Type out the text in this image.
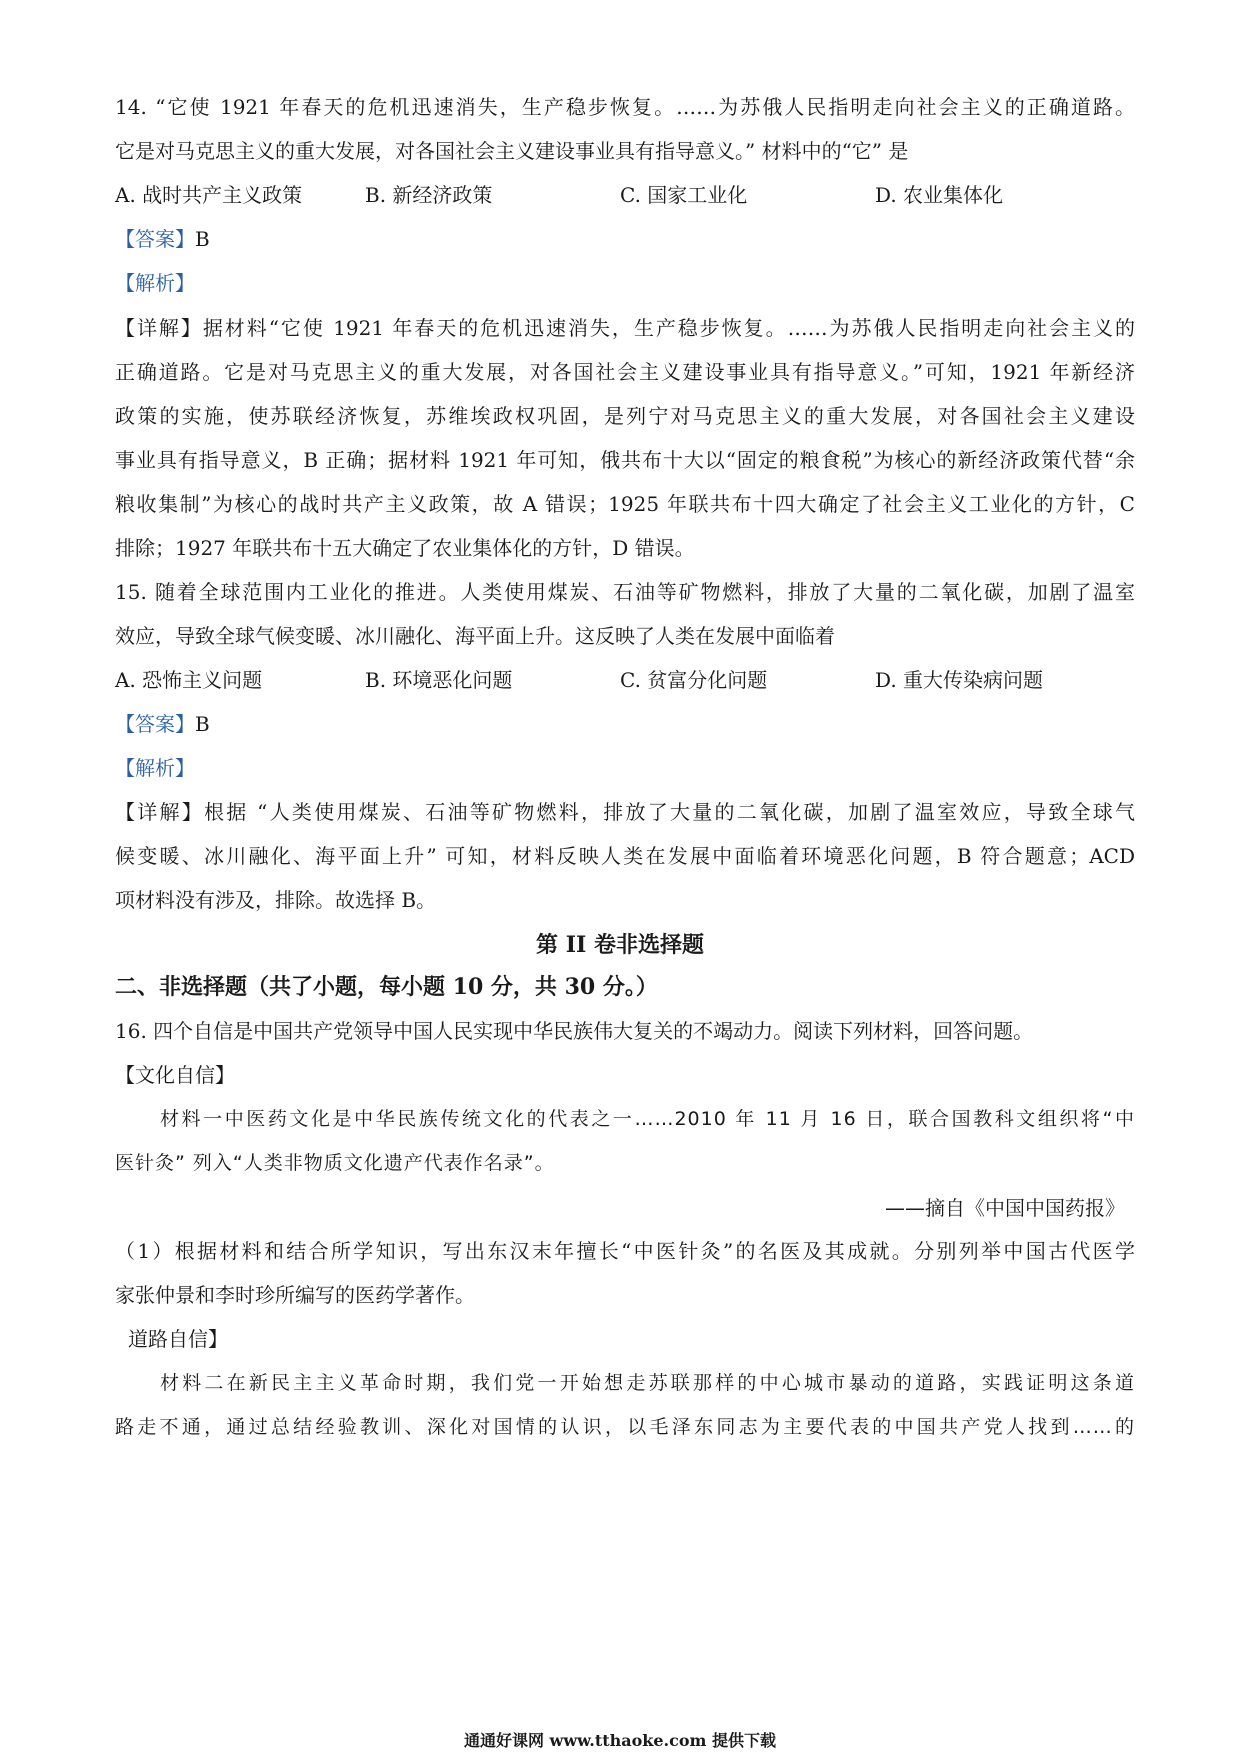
14. “它使 1921 年春天的危机迅速消失，生产稳步恢复。……为苏俄人民指明走向社会主义的正确道路。
它是对马克思主义的重大发展，对各国社会主义建设事业具有指导意义。” 材料中的“它” 是
A. 战时共产主义政策	B. 新经济政策	C. 国家工业化	D. 农业集体化
【答案】B
【解析】
【详解】据材料“它使 1921 年春天的危机迅速消失，生产稳步恢复。……为苏俄人民指明走向社会主义的
正确道路。它是对马克思主义的重大发展，对各国社会主义建设事业具有指导意义。”可知，1921 年新经济
政策的实施，使苏联经济恢复，苏维埃政权巩固，是列宁对马克思主义的重大发展，对各国社会主义建设
事业具有指导意义，B 正确；据材料 1921 年可知，俄共布十大以“固定的粮食税”为核心的新经济政策代替“余
粮收集制”为核心的战时共产主义政策，故 A 错误；1925 年联共布十四大确定了社会主义工业化的方针，C
排除；1927 年联共布十五大确定了农业集体化的方针，D 错误。
15. 随着全球范围内工业化的推进。人类使用煤炭、石油等矿物燃料，排放了大量的二氧化碳，加剧了温室
效应，导致全球气候变暖、冰川融化、海平面上升。这反映了人类在发展中面临着
A. 恐怖主义问题	B. 环境恶化问题	C. 贫富分化问题	D. 重大传染病问题
【答案】B
【解析】
【详解】根据 “人类使用煤炭、石油等矿物燃料，排放了大量的二氧化碳，加剧了温室效应，导致全球气
候变暖、冰川融化、海平面上升” 可知，材料反映人类在发展中面临着环境恶化问题，B 符合题意；ACD
项材料没有涉及，排除。故选择 B。
第 II 卷非选择题
二、非选择题（共了小题，每小题 10 分，共 30 分。）
16. 四个自信是中国共产党领导中国人民实现中华民族伟大复关的不竭动力。阅读下列材料，回答问题。
【文化自信】
材料一中医药文化是中华民族传统文化的代表之一……2010 年 11 月 16 日，联合国教科文组织将“中
医针灸” 列入“人类非物质文化遗产代表作名录”。
——摘自《中国中国药报》
（1）根据材料和结合所学知识，写出东汉末年擅长“中医针灸”的名医及其成就。分别列举中国古代医学
家张仲景和李时珍所编写的医药学著作。
道路自信】
材料二在新民主主义革命时期，我们党一开始想走苏联那样的中心城市暴动的道路，实践证明这条道
路走不通，通过总结经验教训、深化对国情的认识，以毛泽东同志为主要代表的中国共产党人找到……的
通通好课网 www.tthaoke.com 提供下载
